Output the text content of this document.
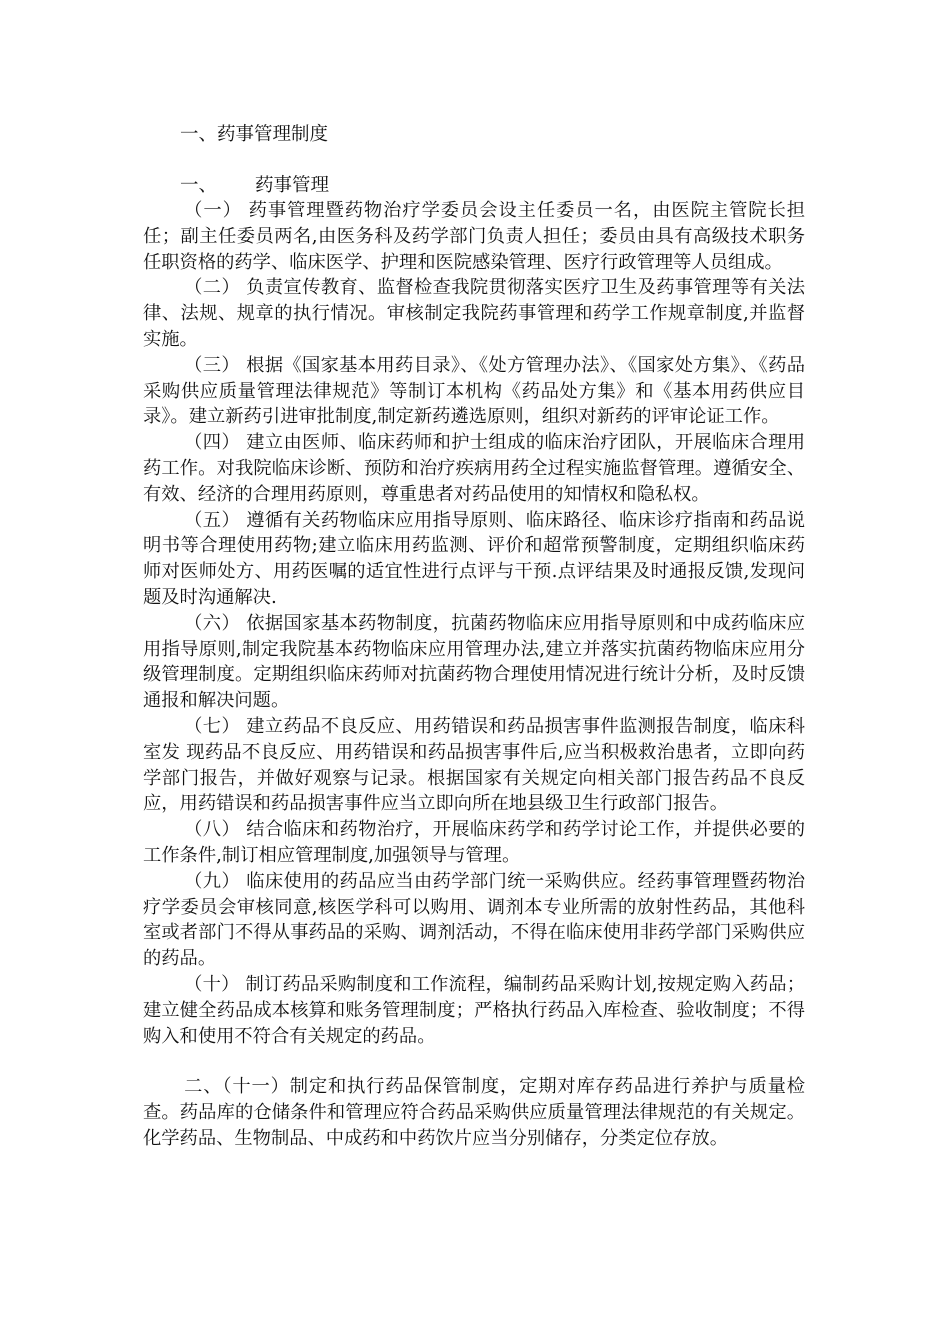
一、药事管理制度
一、 药事管理

（一） 药事管理暨药物治疗学委员会设主任委员一名，由医院主管院长担任；副主任委员两名,由医务科及药学部门负责人担任；委员由具有高级技术职务任职资格的药学、临床医学、护理和医院感染管理、医疗行政管理等人员组成。

（二） 负责宣传教育、监督检查我院贯彻落实医疗卫生及药事管理等有关法律、法规、规章的执行情况。审核制定我院药事管理和药学工作规章制度,并监督实施。

（三） 根据《国家基本用药目录》、《处方管理办法》、《国家处方集》、《药品采购供应质量管理法律规范》等制订本机构《药品处方集》和《基本用药供应目录》。建立新药引进审批制度,制定新药遴选原则，组织对新药的评审论证工作。

（四） 建立由医师、临床药师和护士组成的临床治疗团队，开展临床合理用药工作。对我院临床诊断、预防和治疗疾病用药全过程实施监督管理。遵循安全、有效、经济的合理用药原则，尊重患者对药品使用的知情权和隐私权。

（五） 遵循有关药物临床应用指导原则、临床路径、临床诊疗指南和药品说明书等合理使用药物;建立临床用药监测、评价和超常预警制度，定期组织临床药师对医师处方、用药医嘱的适宜性进行点评与干预.点评结果及时通报反馈,发现问题及时沟通解决.

（六） 依据国家基本药物制度，抗菌药物临床应用指导原则和中成药临床应用指导原则,制定我院基本药物临床应用管理办法,建立并落实抗菌药物临床应用分级管理制度。定期组织临床药师对抗菌药物合理使用情况进行统计分析，及时反馈通报和解决问题。

（七） 建立药品不良反应、用药错误和药品损害事件监测报告制度，临床科室发 现药品不良反应、用药错误和药品损害事件后,应当积极救治患者，立即向药学部门报告，并做好观察与记录。根据国家有关规定向相关部门报告药品不良反应，用药错误和药品损害事件应当立即向所在地县级卫生行政部门报告。

（八） 结合临床和药物治疗，开展临床药学和药学讨论工作，并提供必要的工作条件,制订相应管理制度,加强领导与管理。

（九） 临床使用的药品应当由药学部门统一采购供应。经药事管理暨药物治疗学委员会审核同意,核医学科可以购用、调剂本专业所需的放射性药品，其他科室或者部门不得从事药品的采购、调剂活动，不得在临床使用非药学部门采购供应的药品。

（十） 制订药品采购制度和工作流程，编制药品采购计划,按规定购入药品；建立健全药品成本核算和账务管理制度；严格执行药品入库检查、验收制度；不得购入和使用不符合有关规定的药品。

二、（十一）制定和执行药品保管制度，定期对库存药品进行养护与质量检查。药品库的仓储条件和管理应符合药品采购供应质量管理法律规范的有关规定。化学药品、生物制品、中成药和中药饮片应当分别储存，分类定位存放。
